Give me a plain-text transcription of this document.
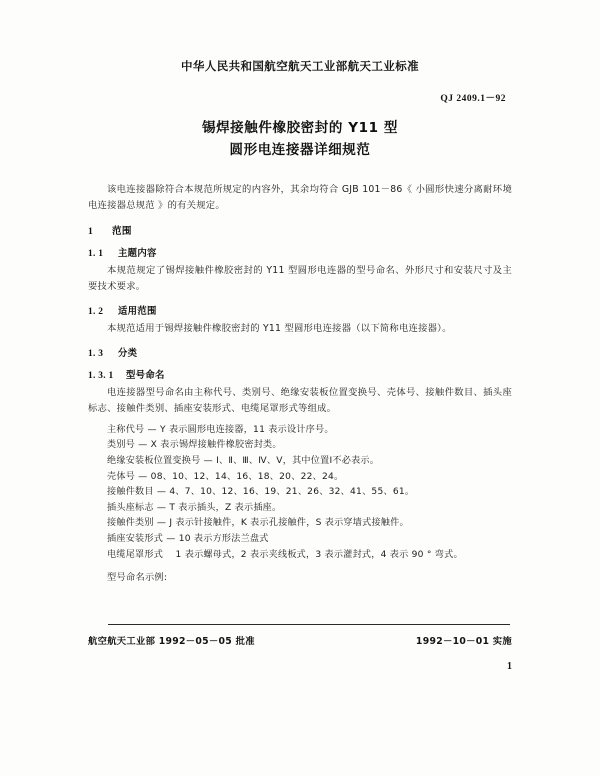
中华人民共和国航空航天工业部航天工业标准
QJ 2409.1－92
锡焊接触件橡胶密封的 Y11 型
圆形电连接器详细规范

该电连接器除符合本规范所规定的内容外，其余均符合 GJB 101－86《 小圆形快速分离耐环境电连接器总规范 》的有关规定。

1 范围
1. 1 主题内容

本规范规定了锡焊接触件橡胶密封的 Y11 型圆形电连器的型号命名、外形尺寸和安装尺寸及主要技术要求。

1. 2 适用范围

本规范适用于锡焊接触件橡胶密封的 Y11 型圆形电连接器（以下简称电连接器）。

1. 3 分类
1. 3. 1 型号命名

电连接器型号命名由主称代号、类别号、绝缘安装板位置变换号、壳体号、接触件数目、插头座标志、接触件类别、插座安装形式、电缆尾罩形式等组成。

主称代号 — Y 表示圆形电连接器，11 表示设计序号。
类别号 — X 表示锡焊接触件橡胶密封类。
绝缘安装板位置变换号 — Ⅰ、Ⅱ、Ⅲ、Ⅳ、Ⅴ，其中位置Ⅰ不必表示。
壳体号 — 08、10、12、14、16、18、20、22、24。
接触件数目 — 4、7、10、12、16、19、21、26、32、41、55、61。
插头座标志 — T 表示插头，Z 表示插座。
接触件类别 — J 表示针接触件，K 表示孔接触件，S 表示穿墙式接触件。
插座安装形式 — 10 表示方形法兰盘式
电缆尾罩形式 　1 表示螺母式，2 表示夹线板式，3 表示灌封式，4 表示 90 ° 弯式。
型号命名示例:
航空航天工业部 1992－05－05 批准	1992－10－01 实施
1
